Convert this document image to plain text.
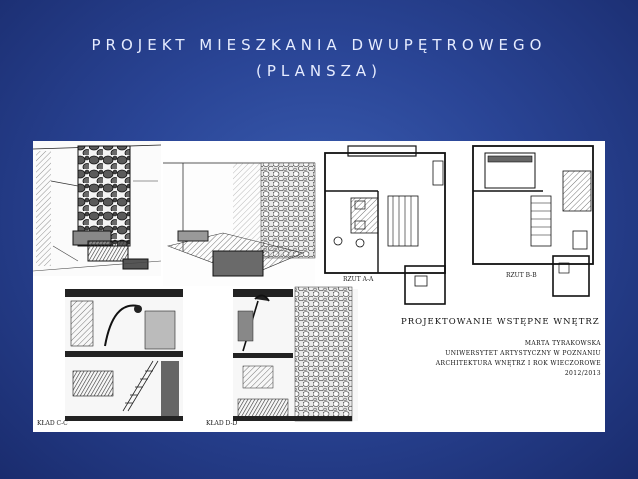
PROJEKT MIESZKANIA DWUPĘTROWEGO
(PLANSZA)
RZUT A-A
RZUT B-B
KŁAD C-C	KŁAD D-D
PROJEKTOWANIE WSTĘPNE WNĘTRZ
MARTA TYRAKOWSKA
UNIWERSYTET ARTYSTYCZNY W POZNANIU
ARCHITEKTURA WNĘTRZ I ROK WIECZOROWE
2012/2013
